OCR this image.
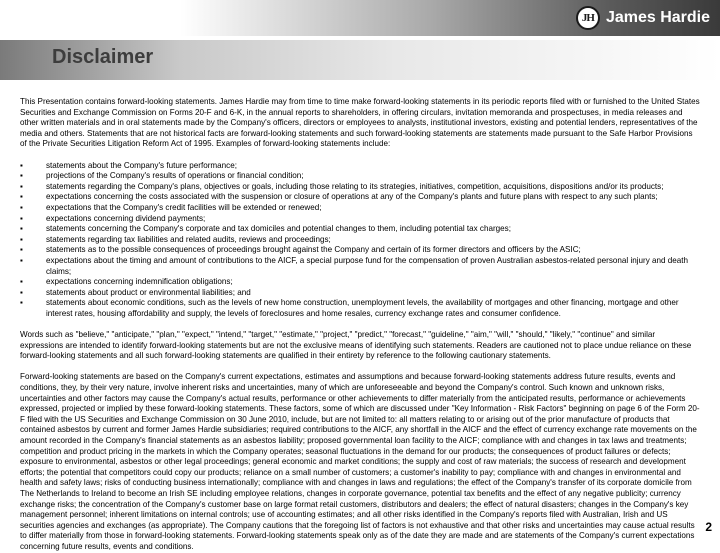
JH James Hardie
Disclaimer

This Presentation contains forward-looking statements. James Hardie may from time to time make forward-looking statements in its periodic reports filed with or furnished to the United States Securities and Exchange Commission on Forms 20-F and 6-K, in the annual reports to shareholders, in offering circulars, invitation memoranda and prospectuses, in media releases and other written materials and in oral statements made by the Company's officers, directors or employees to analysts, institutional investors, existing and potential lenders, representatives of the media and others. Statements that are not historical facts are forward-looking statements and such forward-looking statements are statements made pursuant to the Safe Harbor Provisions of the Private Securities Litigation Reform Act of 1995. Examples of forward-looking statements include:

▪ statements about the Company's future performance;
▪ projections of the Company's results of operations or financial condition;
▪ statements regarding the Company's plans, objectives or goals, including those relating to its strategies, initiatives, competition, acquisitions, dispositions and/or its products;
▪ expectations concerning the costs associated with the suspension or closure of operations at any of the Company's plants and future plans with respect to any such plants;
▪ expectations that the Company's credit facilities will be extended or renewed;
▪ expectations concerning dividend payments;
▪ statements concerning the Company's corporate and tax domiciles and potential changes to them, including potential tax charges;
▪ statements regarding tax liabilities and related audits, reviews and proceedings;
▪ statements as to the possible consequences of proceedings brought against the Company and certain of its former directors and officers by the ASIC;
▪ expectations about the timing and amount of contributions to the AICF, a special purpose fund for the compensation of proven Australian asbestos-related personal injury and death claims;
▪ expectations concerning indemnification obligations;
▪ statements about product or environmental liabilities; and
▪ statements about economic conditions, such as the levels of new home construction, unemployment levels, the availability of mortgages and other financing, mortgage and other interest rates, housing affordability and supply, the levels of foreclosures and home resales, currency exchange rates and consumer confidence.

Words such as "believe," "anticipate," "plan," "expect," "intend," "target," "estimate," "project," "predict," "forecast," "guideline," "aim," "will," "should," "likely," "continue" and similar expressions are intended to identify forward-looking statements but are not the exclusive means of identifying such statements. Readers are cautioned not to place undue reliance on these forward-looking statements and all such forward-looking statements are qualified in their entirety by reference to the following cautionary statements.

Forward-looking statements are based on the Company's current expectations, estimates and assumptions and because forward-looking statements address future results, events and conditions, they, by their very nature, involve inherent risks and uncertainties, many of which are unforeseeable and beyond the Company's control. Such known and unknown risks, uncertainties and other factors may cause the Company's actual results, performance or other achievements to differ materially from the anticipated results, performance or achievements expressed, projected or implied by these forward-looking statements. These factors, some of which are discussed under "Key Information - Risk Factors" beginning on page 6 of the Form 20-F filed with the US Securities and Exchange Commission on 30 June 2010, include, but are not limited to: all matters relating to or arising out of the prior manufacture of products that contained asbestos by current and former James Hardie subsidiaries; required contributions to the AICF, any shortfall in the AICF and the effect of currency exchange rate movements on the amount recorded in the Company's financial statements as an asbestos liability; proposed governmental loan facility to the AICF; compliance with and changes in tax laws and treatments; competition and product pricing in the markets in which the Company operates; seasonal fluctuations in the demand for our products; the consequences of product failures or defects; exposure to environmental, asbestos or other legal proceedings; general economic and market conditions; the supply and cost of raw materials; the success of research and development efforts; the potential that competitors could copy our products; reliance on a small number of customers; a customer's inability to pay; compliance with and changes in environmental and health and safety laws; risks of conducting business internationally; compliance with and changes in laws and regulations; the effect of the Company's transfer of its corporate domicile from The Netherlands to Ireland to become an Irish SE including employee relations, changes in corporate governance, potential tax benefits and the effect of any negative publicity; currency exchange risks; the concentration of the Company's customer base on large format retail customers, distributors and dealers; the effect of natural disasters; changes in the Company's key management personnel; inherent limitations on internal controls; use of accounting estimates; and all other risks identified in the Company's reports filed with Australian, Irish and US securities agencies and exchanges (as appropriate). The Company cautions that the foregoing list of factors is not exhaustive and that other risks and uncertainties may cause actual results to differ materially from those in forward-looking statements. Forward-looking statements speak only as of the date they are made and are statements of the Company's current expectations concerning future results, events and conditions.

2
